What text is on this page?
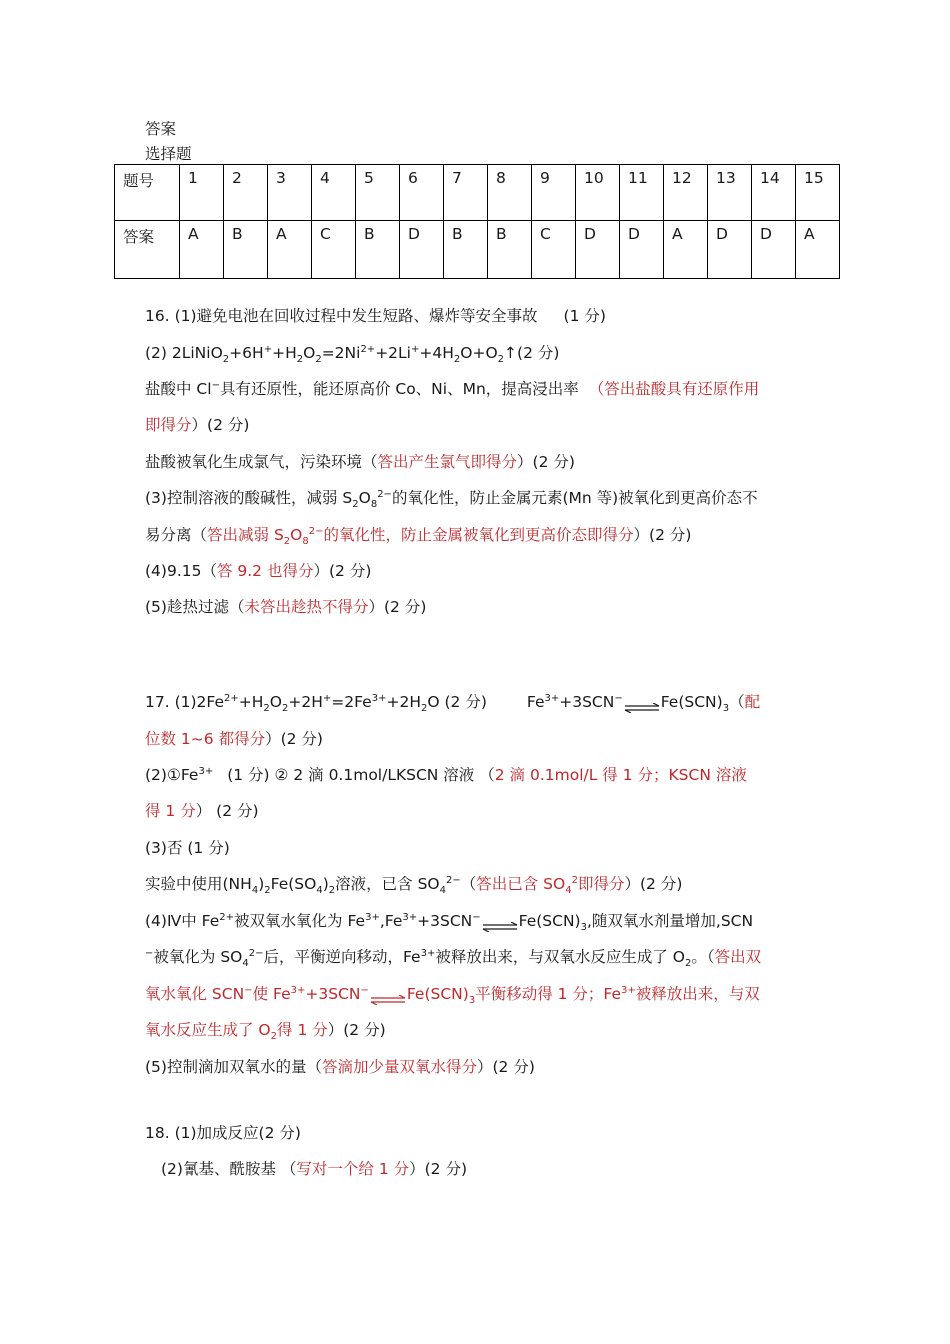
答案
选择题
题号	1	2	3	4	5	6	7	8	9	10	11	12	13	14	15
答案	A	B	A	C	B	D	B	B	C	D	D	A	D	D	A
16. (1)避免电池在回收过程中发生短路、爆炸等安全事故 (1 分)
(2) $2LiNiO_2+6H^++H_2O_2=2Ni^{2+}+2Li^++4H_2O+O_2↑(2$ 分)
盐酸中 Cl−具有还原性，能还原高价 Co、Ni、Mn，提高浸出率 （答出盐酸具有还原作用
即得分）(2 分)
盐酸被氧化生成氯气，污染环境（答出产生氯气即得分）(2 分)
(3)控制溶液的酸碱性，减弱 $S_2O_8^{2-}$的氧化性，防止金属元素(Mn 等)被氧化到更高价态不
易分离（答出减弱 $S_2O_8^{2-}$的氧化性，防止金属被氧化到更高价态即得分）(2 分)
(4)9.15（答 9.2 也得分）(2 分)
(5)趁热过滤（未答出趁热不得分）(2 分)
17. $(1)2Fe^{2+}+H_2O_2+2H^+=2Fe^{3+}+2H_2O$ (2 分)	$Fe^{3+}+3SCN^-\rightleftharpoons Fe(SCN)_3$（配
位数 1~6 都得分）(2 分)
$(2)①Fe^{3+}$ (1 分) ② 2 滴 0.1mol/LKSCN 溶液 （2 滴 0.1mol/L 得 1 分；KSCN 溶液
得 1 分） (2 分)
(3)否 (1 分)
实验中使用$(NH_4)_2Fe(SO_4)_2$溶液，已含 $SO_4^{2-}$（答出已含 $SO_4^2$即得分）(2 分)
(4)Ⅳ中 $Fe^{2+}$被双氧水氧化为 $Fe^{3+},Fe^{3+}+3SCN^-\rightleftharpoons Fe(SCN)_3$,随双氧水剂量增加,SCN
−被氧化为 $SO_4^{2-}$后，平衡逆向移动，$Fe^{3+}$被释放出来，与双氧水反应生成了 $O_2$。（答出双
氧水氧化 SCN−使 $Fe^{3+}+3SCN^-\rightleftharpoons Fe(SCN)_3$平衡移动得 1 分；$Fe^{3+}$被释放出来，与双
氧水反应生成了 $O_2$得 1 分）(2 分)
(5)控制滴加双氧水的量（答滴加少量双氧水得分）(2 分)
18. (1)加成反应(2 分)
(2)氰基、酰胺基 （写对一个给 1 分）(2 分)
